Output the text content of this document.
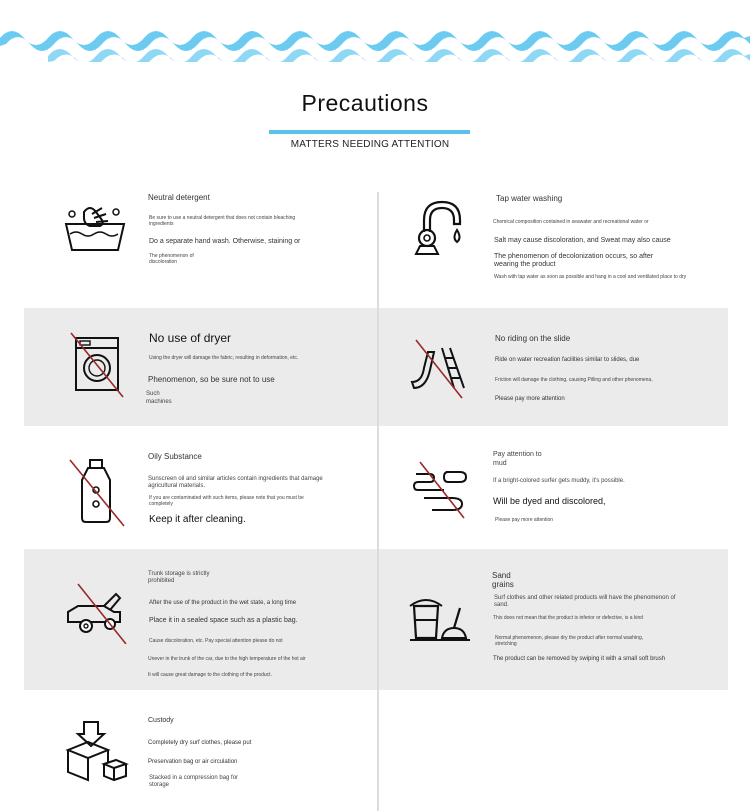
Precautions
MATTERS NEEDING ATTENTION
Neutral detergent
Be sure to use a neutral detergent that does not contain bleaching ingredients
Do a separate hand wash. Otherwise, staining or
The phenomenon of discoloration
Tap water washing
Chemical composition contained in seawater and recreational water or
Salt may cause discoloration, and Sweat may also cause
The phenomenon of decolonization occurs, so after wearing the product
Wash with tap water as soon as possible and hang in a cool and ventilated place to dry
No use of dryer
Using the dryer will damage the fabric, resulting in deformation, etc.
Phenomenon, so be sure not to use
Such machines
No riding on the slide
Ride on water recreation facilities similar to slides, due
Friction will damage the clothing, causing Pilling and other phenomena,
Please pay more attention
Oily Substance
Sunscreen oil and similar articles contain ingredients that damage agricultural materials.
If you are contaminated with such items, please note that you must be completely
Keep it after cleaning.
Pay attention to mud
If a bright-colored surfer gets muddy, it's possible.
Will be dyed and discolored,
Please pay more attention
Trunk storage is strictly prohibited
After the use of the product in the wet state, a long time
Place it in a sealed space such as a plastic bag.
Cause discoloration, etc. Pay special attention please do not
Unever in the trunk of the car, due to the high temperature of the hot air
It will cause great damage to the clothing of the product.
Sand grains
Surf clothes and other related products will have the phenomenon of sand.
This does not mean that the product is inferior or defective, is a kind
Normal phenomenon, please dry the product after normal washing, stretching
The product can be removed by swiping it with a small soft brush
Custody
Completely dry surf clothes, please put
Preservation bag or air circulation
Stacked in a compression bag for storage
